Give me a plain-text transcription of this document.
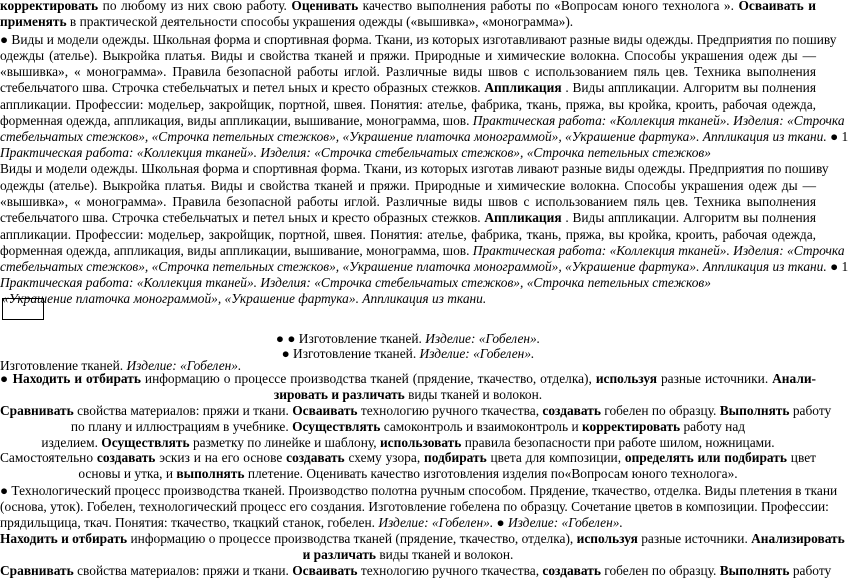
корректировать по любому из них свою работу. Оценивать качество выполнения работы по «Вопросам юного технолога ». Осваивать и
применять в практической деятельности способы украшения одежды («вышивка», «монограмма»).
● Виды и модели одежды. Школьная форма и спортивная форма. Ткани, из которых изготавливают разные виды одежды. Предприятия по пошиву
одежды (ателье). Выкройка платья. Виды и свойства тканей и пряжи. Природные и химические волокна. Способы украшения одеж ды —
«вышивка», « монограмма». Правила безопасной работы иглой. Различные виды швов с использованием пяль цев. Техника выполнения
стебельчатого шва. Строчка стебельчатых и петел ьных и кресто образных стежков. Аппликация . Виды аппликации. Алгоритм вы полнения
аппликации. Профессии: модельер, закройщик, портной, швея. Понятия: ателье, фабрика, ткань, пряжа, вы кройка, кроить, рабочая одежда,
форменная одежда, аппликация, виды аппликации, вышивание, монограмма, шов. Практическая работа: «Коллекция тканей». Изделия: «Строчка
стебельчатых стежков», «Строчка петельных стежков», «Украшение платочка монограммой», «Украшение фартука». Аппликация из ткани. ● 1
Практическая работа: «Коллекция тканей». Изделия: «Строчка стебельчатых стежков», «Строчка петельных стежков»
Виды и модели одежды. Школьная форма и спортивная форма. Ткани, из которых изготав ливают разные виды одежды. Предприятия по пошиву
одежды (ателье). Выкройка платья. Виды и свойства тканей и пряжи. Природные и химические волокна. Способы украшения одеж ды —
«вышивка», « монограмма». Правила безопасной работы иглой. Различные виды швов с использованием пяль цев. Техника выполнения
стебельчатого шва. Строчка стебельчатых и петел ьных и кресто образных стежков. Аппликация . Виды аппликации. Алгоритм вы полнения
аппликации. Профессии: модельер, закройщик, портной, швея. Понятия: ателье, фабрика, ткань, пряжа, вы кройка, кроить, рабочая одежда,
форменная одежда, аппликация, виды аппликации, вышивание, монограмма, шов. Практическая работа: «Коллекция тканей». Изделия: «Строчка
стебельчатых стежков», «Строчка петельных стежков», «Украшение платочка монограммой», «Украшение фартука». Аппликация из ткани. ● 1
Практическая работа: «Коллекция тканей». Изделия: «Строчка стебельчатых стежков», «Строчка петельных стежков»
«Украшение платочка монограммой», «Украшение фартука». Аппликация из ткани.
● ● Изготовление тканей. Изделие: «Гобелен».
● Изготовление тканей. Изделие: «Гобелен».
Изготовление тканей. Изделие: «Гобелен».
● Находить и отбирать информацию о процессе производства тканей (прядение, ткачество, отделка), используя разные источники. Анали-
зировать и различать виды тканей и волокон.
Сравнивать свойства материалов: пряжи и ткани. Осваивать технологию ручного ткачества, создавать гобелен по образцу. Выполнять работу
по плану и иллюстрациям в учебнике. Осуществлять самоконтроль и взаимоконтроль и корректировать работу над
изделием. Осуществлять разметку по линейке и шаблону, использовать правила безопасности при работе шилом, ножницами.
Самостоятельно создавать эскиз и на его основе создавать схему узора, подбирать цвета для композиции, определять или подбирать цвет
основы и утка, и выполнять плетение. Оценивать качество изготовления изделия по«Вопросам юного технолога».
● Технологический процесс производства тканей. Производство полотна ручным способом. Прядение, ткачество, отделка. Виды плетения в ткани
(основа, уток). Гобелен, технологический процесс его создания. Изготовление гобелена по образцу. Сочетание цветов в композиции. Профессии:
прядильщица, ткач. Понятия: ткачество, ткацкий станок, гобелен. Изделие: «Гобелен». ● Изделие: «Гобелен».
Находить и отбирать информацию о процессе производства тканей (прядение, ткачество, отделка), используя разные источники. Анализировать
и различать виды тканей и волокон.
Сравнивать свойства материалов: пряжи и ткани. Осваивать технологию ручного ткачества, создавать гобелен по образцу. Выполнять работу
